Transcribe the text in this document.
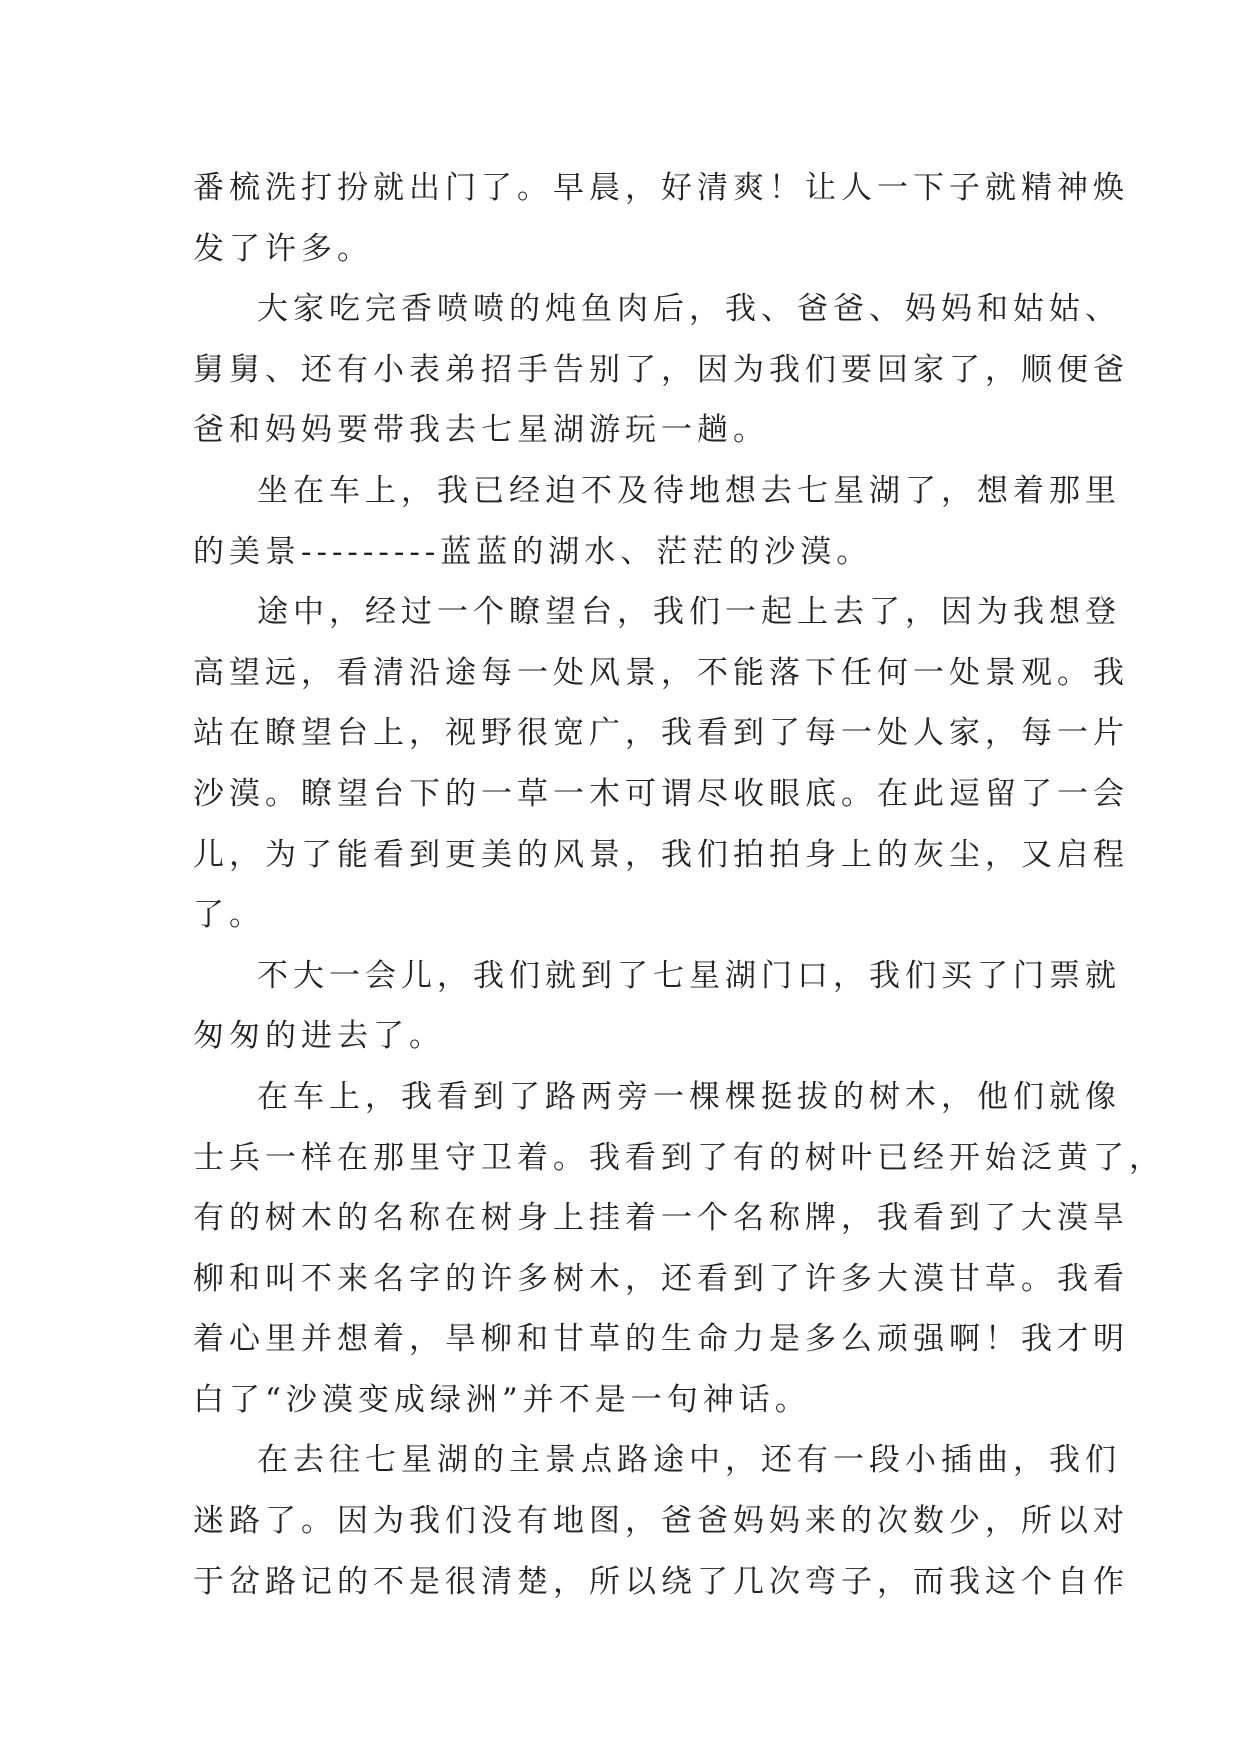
番梳洗打扮就出门了。早晨，好清爽！让人一下子就精神焕
发了许多。
大家吃完香喷喷的炖鱼肉后，我、爸爸、妈妈和姑姑、
舅舅、还有小表弟招手告别了，因为我们要回家了，顺便爸
爸和妈妈要带我去七星湖游玩一趟。
坐在车上，我已经迫不及待地想去七星湖了，想着那里
的美景---------蓝蓝的湖水、茫茫的沙漠。
途中，经过一个瞭望台，我们一起上去了，因为我想登
高望远，看清沿途每一处风景，不能落下任何一处景观。我
站在瞭望台上，视野很宽广，我看到了每一处人家，每一片
沙漠。瞭望台下的一草一木可谓尽收眼底。在此逗留了一会
儿，为了能看到更美的风景，我们拍拍身上的灰尘，又启程
了。
不大一会儿，我们就到了七星湖门口，我们买了门票就
匆匆的进去了。
在车上，我看到了路两旁一棵棵挺拔的树木，他们就像
士兵一样在那里守卫着。我看到了有的树叶已经开始泛黄了，
有的树木的名称在树身上挂着一个名称牌，我看到了大漠旱
柳和叫不来名字的许多树木，还看到了许多大漠甘草。我看
着心里并想着，旱柳和甘草的生命力是多么顽强啊！我才明
白了“沙漠变成绿洲”并不是一句神话。
在去往七星湖的主景点路途中，还有一段小插曲，我们
迷路了。因为我们没有地图，爸爸妈妈来的次数少，所以对
于岔路记的不是很清楚，所以绕了几次弯子，而我这个自作
